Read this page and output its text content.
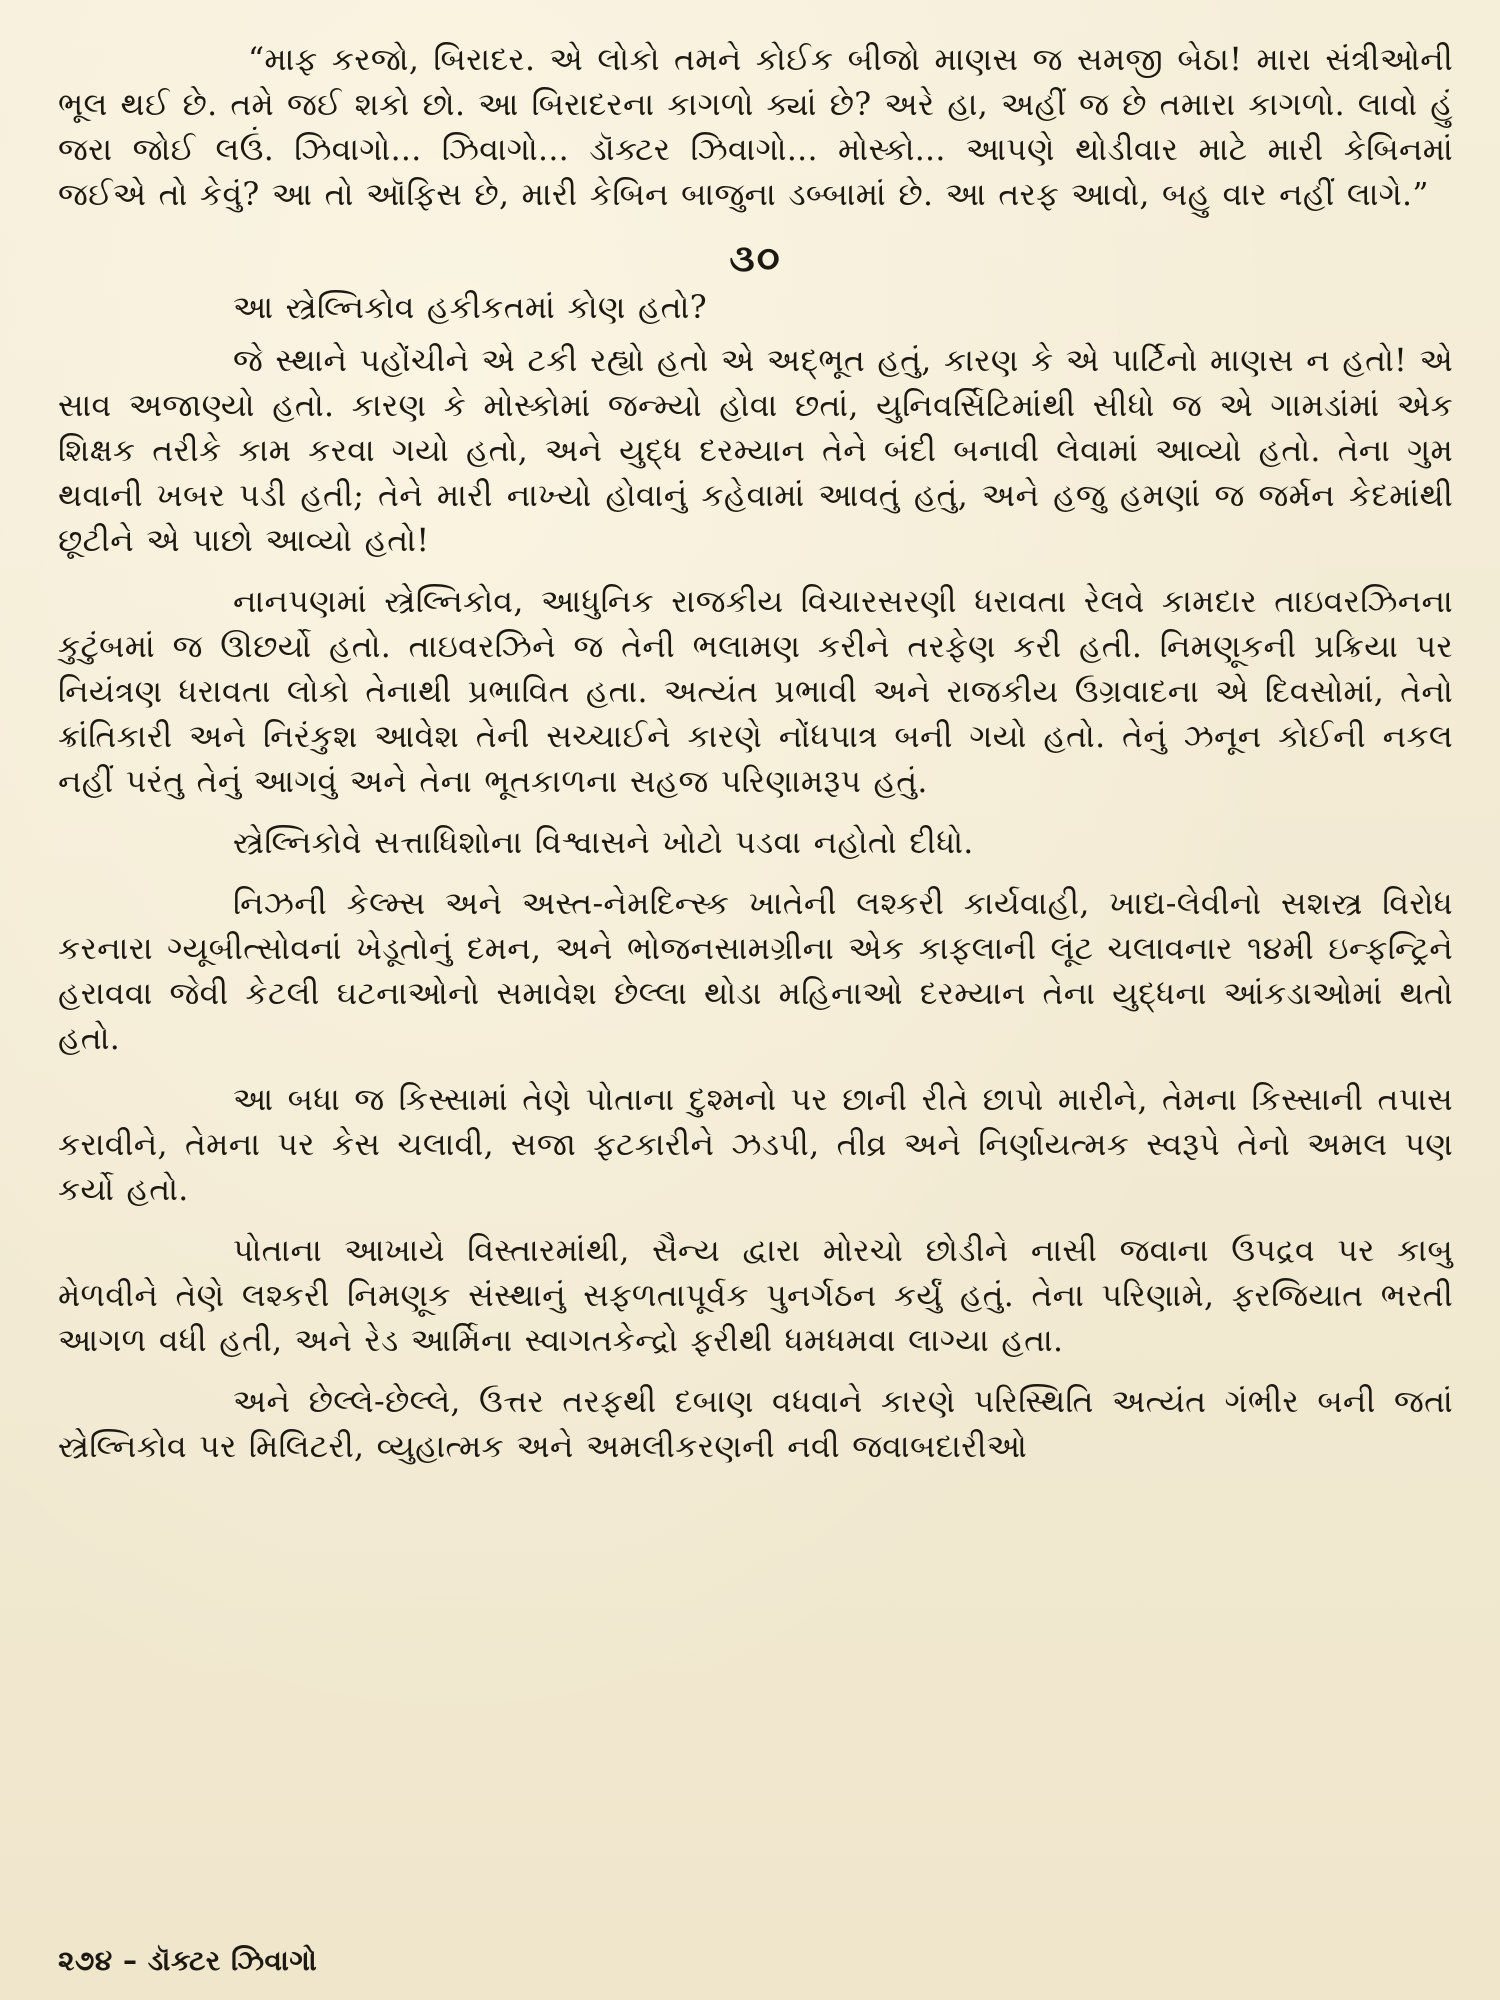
“માફ કરજો, બિરાદર. એ લોકો તમને કોઈક બીજો માણસ જ સમજી બેઠા! મારા સંત્રીઓની ભૂલ થઈ છે. તમે જઈ શકો છો. આ બિરાદરના કાગળો ક્યાં છે? અરે હા, અહીં જ છે તમારા કાગળો. લાવો હું જરા જોઈ લઉં. ઝિવાગો... ઝિવાગો... ડૉક્ટર ઝિવાગો... મોસ્કો... આપણે થોડીવાર માટે મારી કેબિનમાં જઈએ તો કેવું? આ તો ઑફિસ છે, મારી કેબિન બાજુના ડબ્બામાં છે. આ તરફ આવો, બહુ વાર નહીં લાગે.”

૩૦

આ સ્ત્રેલ્નિકોવ હકીકતમાં કોણ હતો?

જે સ્થાને પહોંચીને એ ટકી રહ્યો હતો એ અદ્ભૂત હતું, કારણ કે એ પાર્ટિનો માણસ ન હતો! એ સાવ અજાણ્યો હતો. કારણ કે મોસ્કોમાં જન્મ્યો હોવા છતાં, યુનિવર્સિટિમાંથી સીધો જ એ ગામડાંમાં એક શિક્ષક તરીકે કામ કરવા ગયો હતો, અને યુદ્ધ દરમ્યાન તેને બંદી બનાવી લેવામાં આવ્યો હતો. તેના ગુમ થવાની ખબર પડી હતી; તેને મારી નાખ્યો હોવાનું કહેવામાં આવતું હતું, અને હજુ હમણાં જ જર્મન કેદમાંથી છૂટીને એ પાછો આવ્યો હતો!

નાનપણમાં સ્ત્રેલ્નિકોવ, આધુનિક રાજકીય વિચારસરણી ધરાવતા રેલવે કામદાર તાઇવરઝિનના કુટુંબમાં જ ઊછર્યો હતો. તાઇવરઝિને જ તેની ભલામણ કરીને તરફેણ કરી હતી. નિમણૂકની પ્રક્રિયા પર નિયંત્રણ ધરાવતા લોકો તેનાથી પ્રભાવિત હતા. અત્યંત પ્રભાવી અને રાજકીય ઉગ્રવાદના એ દિવસોમાં, તેનો ક્રાંતિકારી અને નિરંકુશ આવેશ તેની સચ્ચાઈને કારણે નોંધપાત્ર બની ગયો હતો. તેનું ઝનૂન કોઈની નકલ નહીં પરંતુ તેનું આગવું અને તેના ભૂતકાળના સહજ પરિણામરૂપ હતું.

સ્ત્રેલ્નિકોવે સત્તાધિશોના વિશ્વાસને ખોટો પડવા નહોતો દીધો.

નિઝની કેલ્મ્સ અને અસ્ત-નેમદિન્સ્ક ખાતેની લશ્કરી કાર્યવાહી, ખાદ્ય-લેવીનો સશસ્ત્ર વિરોધ કરનારા ગ્યૂબીત્સોવનાં ખેડૂતોનું દમન, અને ભોજનસામગ્રીના એક કાફલાની લૂંટ ચલાવનાર ૧૪મી ઇન્ફન્ટ્રિને હરાવવા જેવી કેટલી ઘટનાઓનો સમાવેશ છેલ્લા થોડા મહિનાઓ દરમ્યાન તેના યુદ્ધના આંકડાઓમાં થતો હતો.

આ બધા જ કિસ્સામાં તેણે પોતાના દુશ્મનો પર છાની રીતે છાપો મારીને, તેમના કિસ્સાની તપાસ કરાવીને, તેમના પર કેસ ચલાવી, સજા ફટકારીને ઝડપી, તીવ્ર અને નિર્ણાયત્મક સ્વરૂપે તેનો અમલ પણ કર્યો હતો.

પોતાના આખાયે વિસ્તારમાંથી, સૈન્ય દ્વારા મોરચો છોડીને નાસી જવાના ઉપદ્રવ પર કાબુ મેળવીને તેણે લશ્કરી નિમણૂક સંસ્થાનું સફળતાપૂર્વક પુનર્ગઠન કર્યું હતું. તેના પરિણામે, ફરજિયાત ભરતી આગળ વધી હતી, અને રેડ આર્મિના સ્વાગતકેન્દ્રો ફરીથી ધમધમવા લાગ્યા હતા.

અને છેલ્લે-છેલ્લે, ઉત્તર તરફથી દબાણ વધવાને કારણે પરિસ્થિતિ અત્યંત ગંભીર બની જતાં સ્ત્રેલ્નિકોવ પર મિલિટરી, વ્યુહાત્મક અને અમલીકરણની નવી જવાબદારીઓ

૨૭૪ – ડૉક્ટર ઝિવાગો
